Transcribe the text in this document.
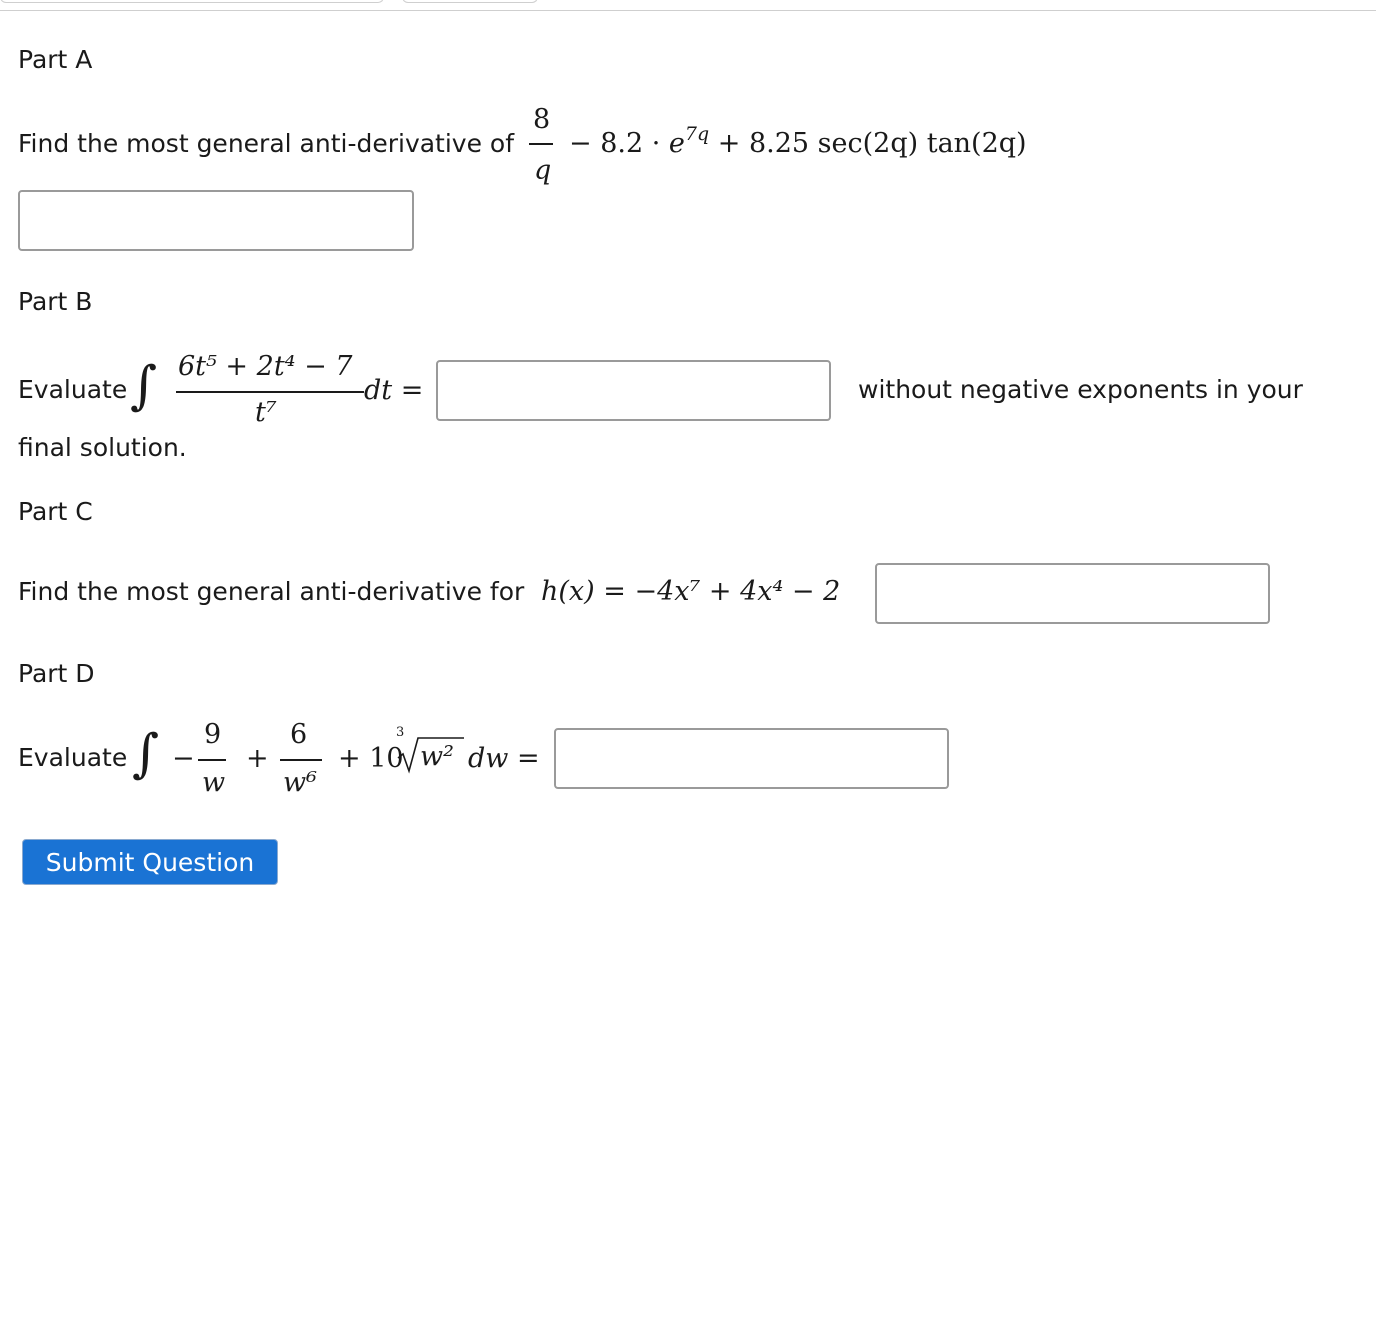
Part A
Find the most general anti-derivative of
8
q
− $8.2 \cdot e^{7q} + 8.25$ sec(2q) tan(2q)
Part B
Evaluate ∫ 6t⁵ + 2t⁴ − 7
t⁷
dt =	without negative exponents in your
final solution.
Part C
Find the most general anti-derivative for h(x) = −4x⁷ + 4x⁴ − 2
Part D
Evaluate ∫ −
9
w
+
6
w⁶
+ 10
3
w² dw =
Submit Question
